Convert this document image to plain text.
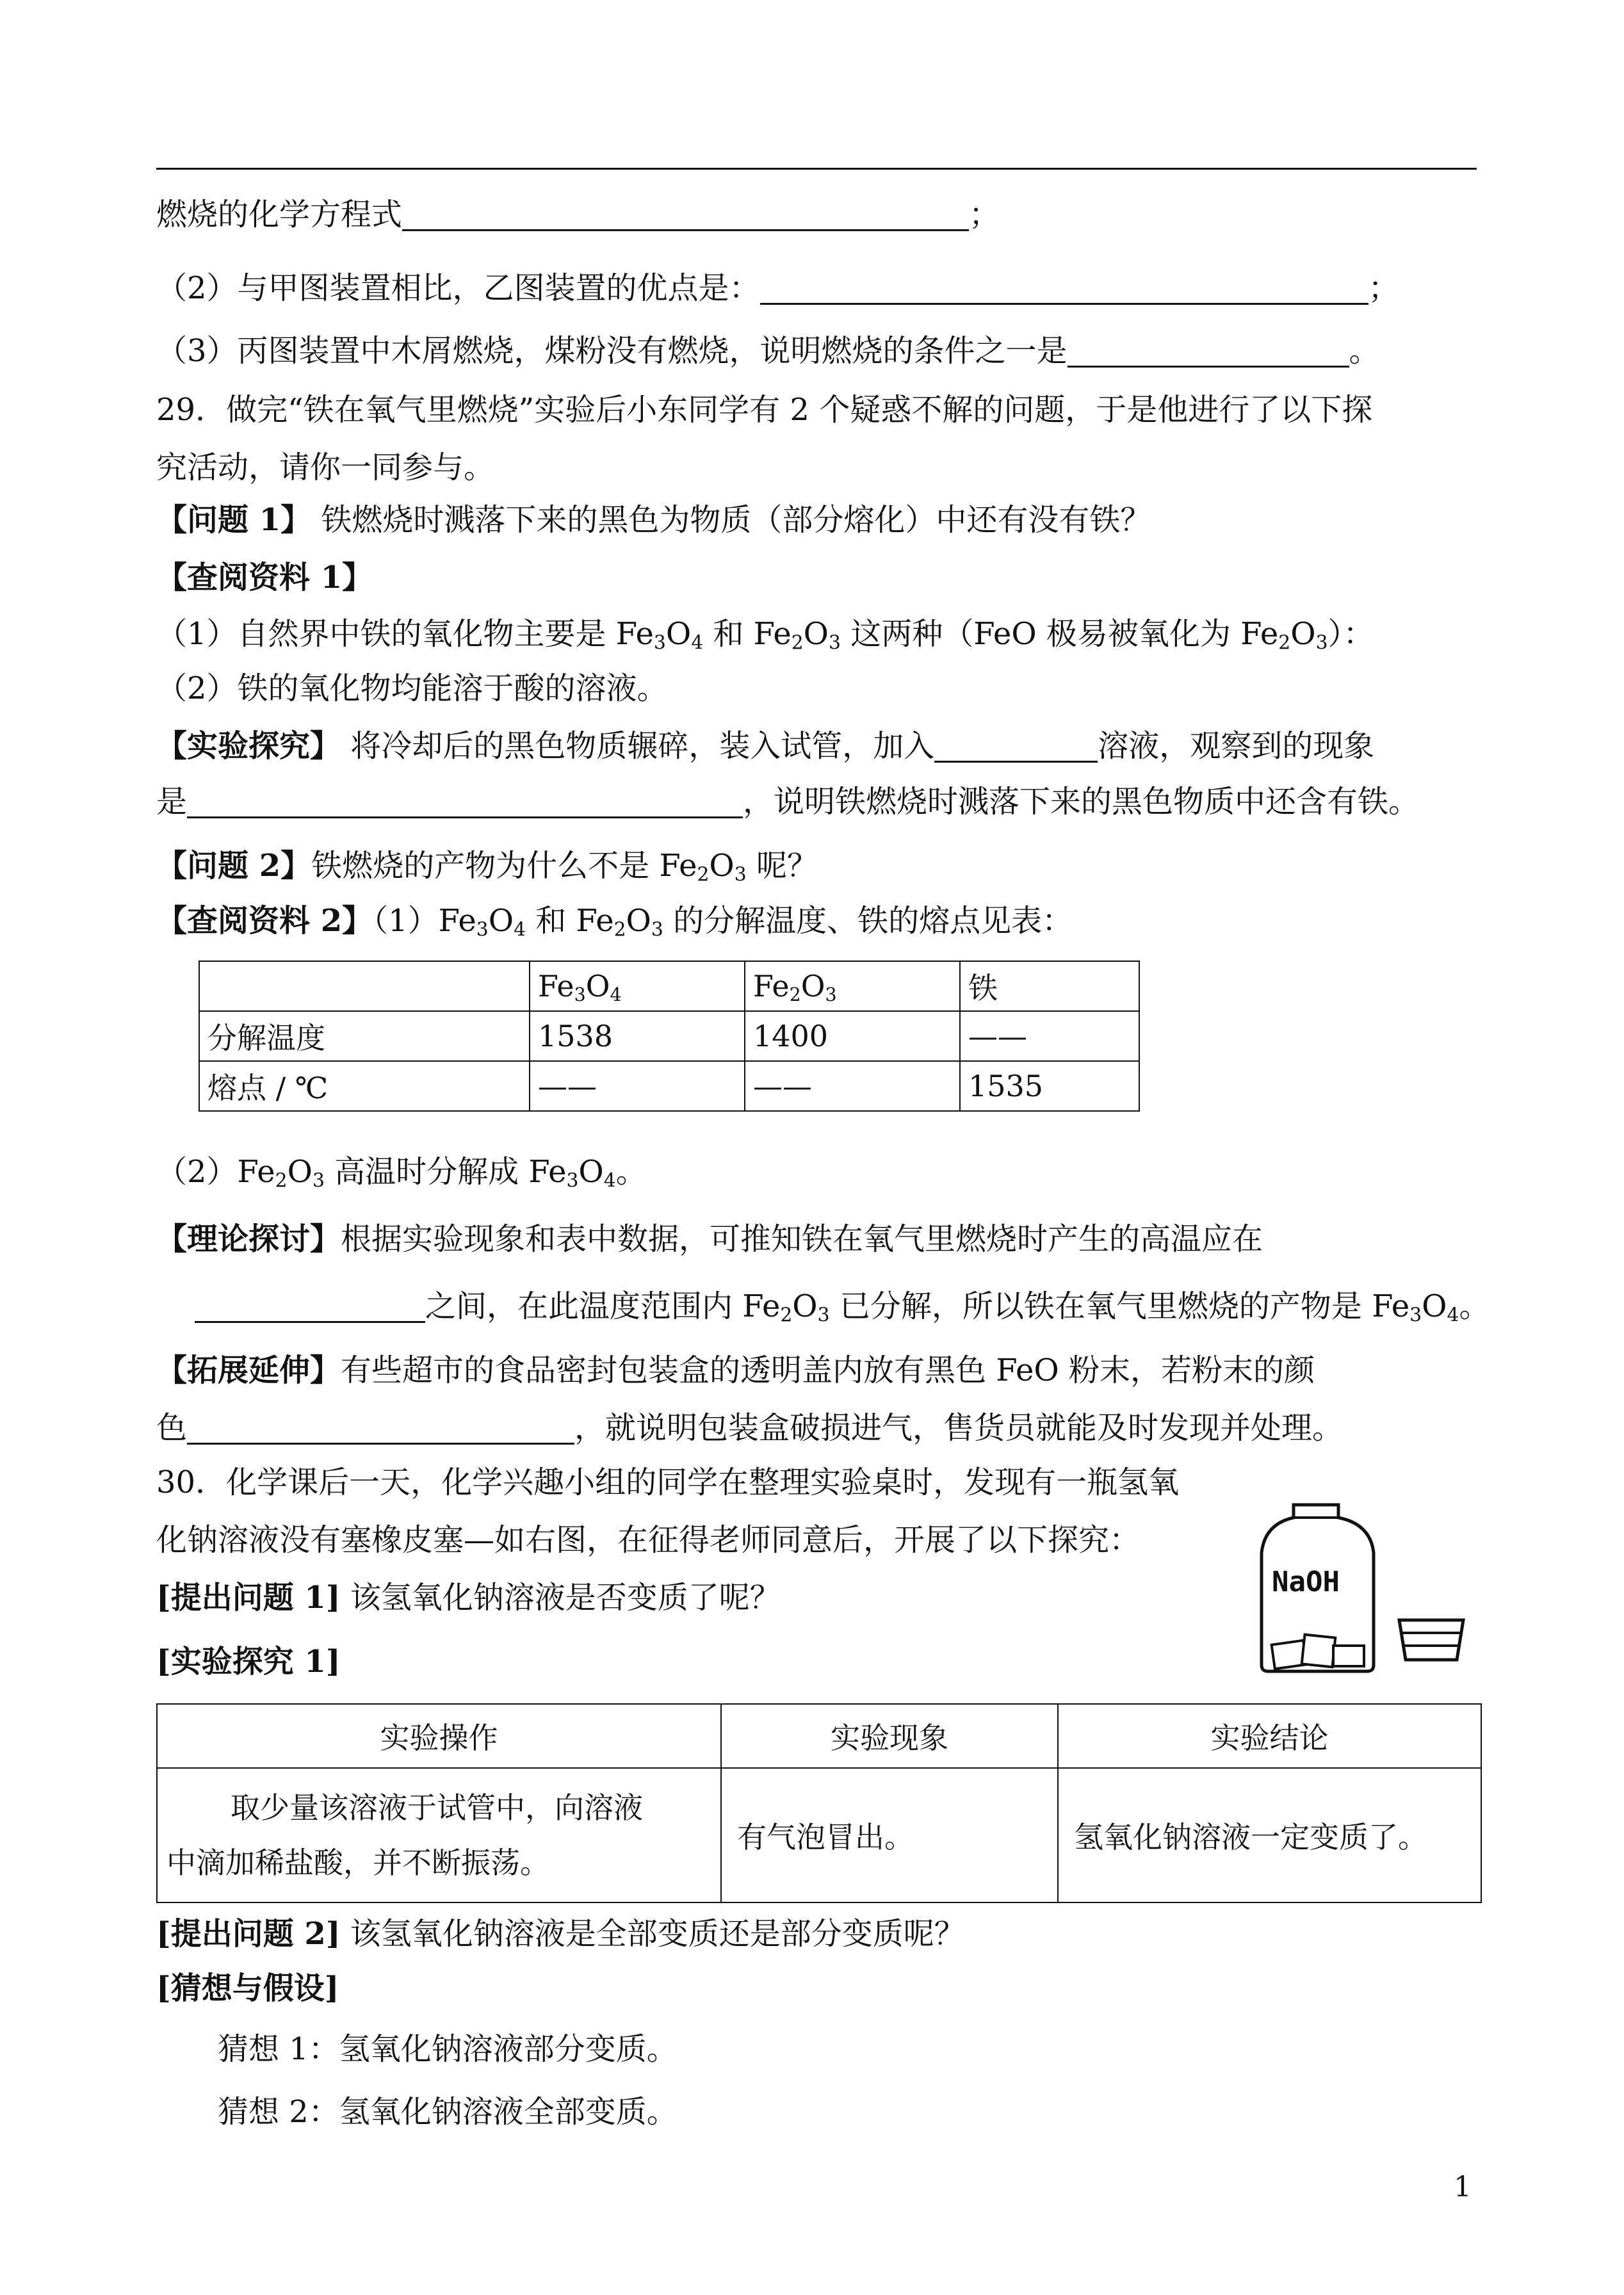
燃烧的化学方程式	；
（2）与甲图装置相比，乙图装置的优点是：	；
（3）丙图装置中木屑燃烧，煤粉没有燃烧，说明燃烧的条件之一是	。
29．做完“铁在氧气里燃烧”实验后小东同学有 2 个疑惑不解的问题，于是他进行了以下探
究活动，请你一同参与。
【问题 1】 铁燃烧时溅落下来的黑色为物质（部分熔化）中还有没有铁？
【查阅资料 1】
（1）自然界中铁的氧化物主要是 $Fe_3O_4$ 和 $Fe_2O_3$ 这两种（FeO 极易被氧化为 $Fe_2O_3$）：
（2）铁的氧化物均能溶于酸的溶液。
【实验探究】 将冷却后的黑色物质辗碎，装入试管，加入	溶液，观察到的现象
是	，说明铁燃烧时溅落下来的黑色物质中还含有铁。
【问题 2】铁燃烧的产物为什么不是 $Fe_2O_3$ 呢？
【查阅资料 2】$(1)Fe_3O_4$ 和 $Fe_2O_3$ 的分解温度、铁的熔点见表：
	$Fe_3O_4$	$Fe_2O_3$	铁
分解温度	1538	1400	——
熔点 / ℃	——	——	1535
$(2)Fe_2O_3$ 高温时分解成 $Fe_3O_4$。
【理论探讨】根据实验现象和表中数据，可推知铁在氧气里燃烧时产生的高温应在
之间，在此温度范围内 $Fe_2O_3$ 已分解，所以铁在氧气里燃烧的产物是 $Fe_3O_4$。
【拓展延伸】有些超市的食品密封包装盒的透明盖内放有黑色 FeO 粉末，若粉末的颜
色	，就说明包装盒破损进气，售货员就能及时发现并处理。
30．化学课后一天，化学兴趣小组的同学在整理实验桌时，发现有一瓶氢氧
化钠溶液没有塞橡皮塞—如右图，在征得老师同意后，开展了以下探究：
[提出问题 1] 该氢氧化钠溶液是否变质了呢？
[实验探究 1]
NaOH
实验操作	实验现象	实验结论

取少量该溶液于试管中，向溶液
中滴加稀盐酸，并不断振荡。	有气泡冒出。	氢氧化钠溶液一定变质了。
[提出问题 2] 该氢氧化钠溶液是全部变质还是部分变质呢？
[猜想与假设]
猜想 1：氢氧化钠溶液部分变质。
猜想 2：氢氧化钠溶液全部变质。
1
